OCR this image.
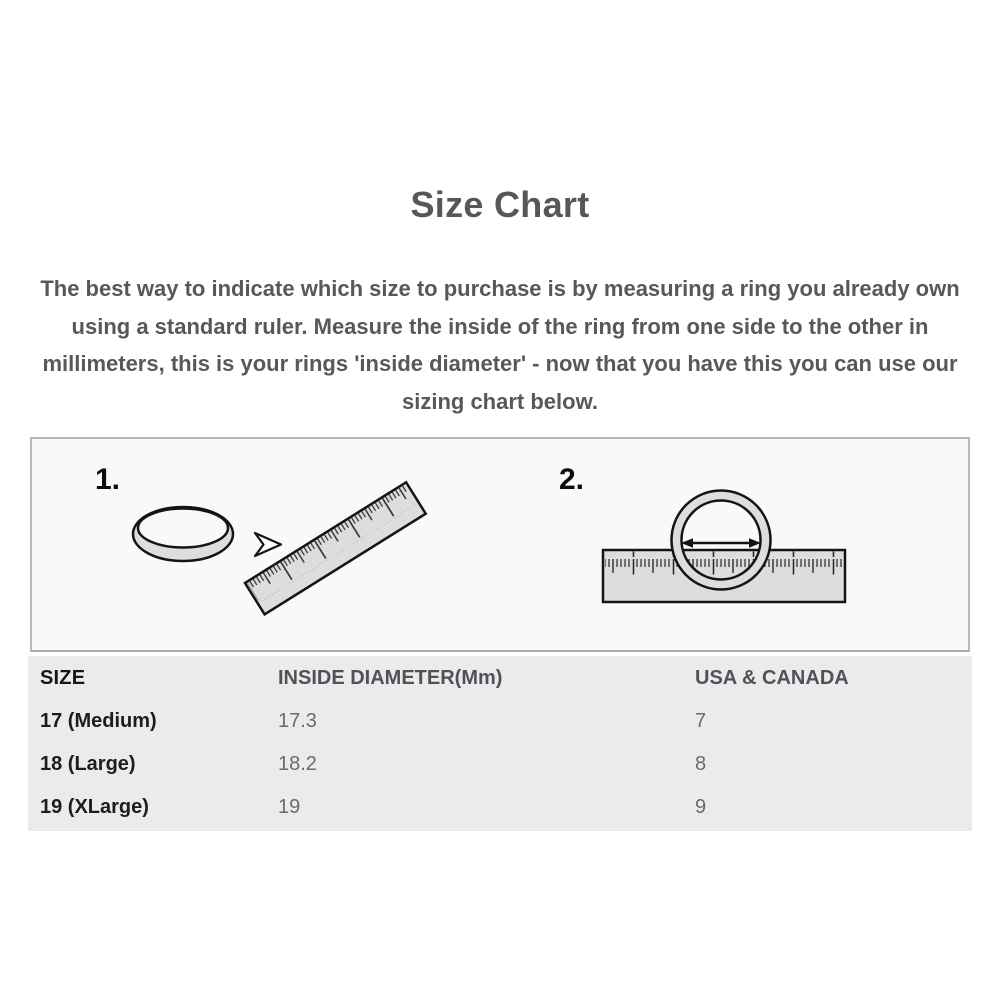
Size Chart
The best way to indicate which size to purchase is by measuring a ring you already own
using a standard ruler. Measure the inside of the ring from one side to the other in
millimeters, this is your rings 'inside diameter' - now that you have this you can use our
sizing chart below.
1.	2.
SIZE	INSIDE DIAMETER(Mm)	USA & CANADA
17 (Medium)	17.3	7
18 (Large)	18.2	8
19 (XLarge)	19	9
